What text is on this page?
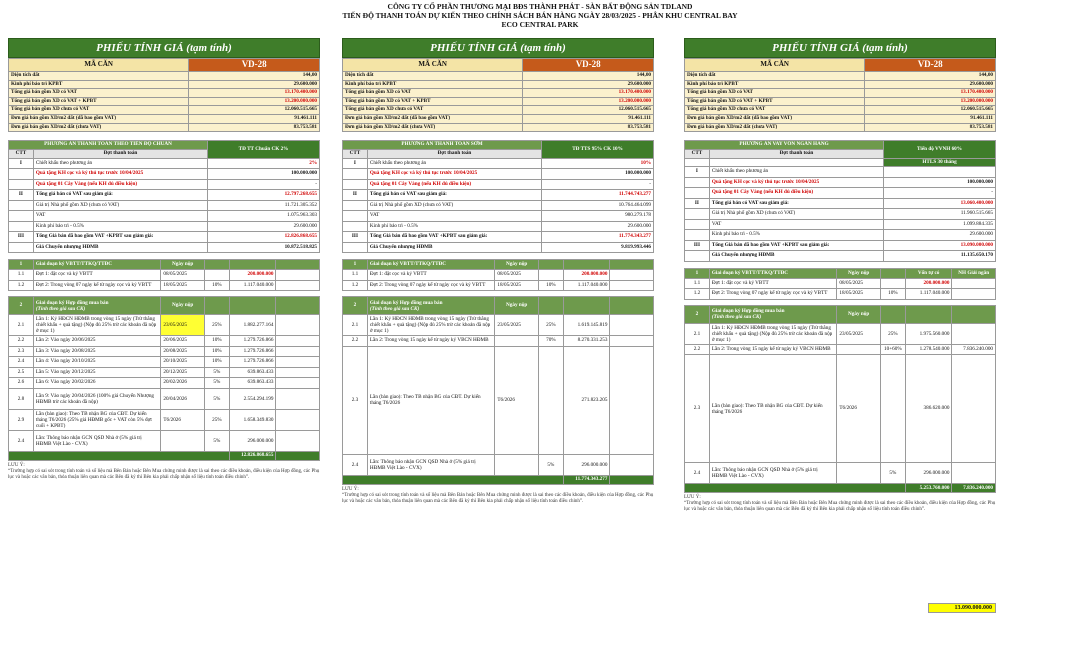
CÔNG TY CỔ PHẦN THƯƠNG MẠI BĐS THÀNH PHÁT - SÀN BẤT ĐỘNG SẢN TDLAND
TIẾN ĐỘ THANH TOÁN DỰ KIẾN THEO CHÍNH SÁCH BÁN HÀNG NGÀY 28/03/2025 - PHÂN KHU CENTRAL BAY
ECO CENTRAL PARK
PHIẾU TÍNH GIÁ (tạm tính)
MÃ CĂN	VD-28
Diện tích đất	144,00
Kinh phí bảo trì KPBT	29.600.000
Tổng giá bán gồm XD có VAT	13.170.400.000
Tổng giá bán gồm XD có VAT + KPBT	13.200.000.000
Tổng giá bán gồm XD chưa có VAT	12.060.515.665
Đơn giá bán gồm XD/m2 đất (đã bao gồm VAT)	91.461.111
Đơn giá bán gồm XD/m2 đất (chưa VAT)	83.753.581
PHƯƠNG ÁN THANH TOÁN THEO TIẾN ĐỘ CHUẨN		TĐ TT Chuẩn CK 2%
CTT	Đợt thanh toán	
I	Chiết khấu theo phương án	2%
	Quà tặng KH cọc và ký thủ tục trước 10/04/2025	100.000.000
	Quà tặng 01 Cây Vàng (nếu KH đủ điều kiện)	-
II	Tổng giá bán có VAT sau giảm giá:	12.797.268.655
	Giá trị Nhà phố gồm XD (chưa có VAT)	11.721.305.352
	VAT	1.075.963.303
	Kinh phí bảo trì - 0.5%	29.600.000
III	Tổng Giá bán đã bao gồm VAT +KPBT sau giảm giá:	12.826.868.655
	Giá Chuyển nhượng HĐMB	10.872.518.825
1	Giai đoạn ký VBTT/TTKQ/TTĐC	Ngày nộp			
1.1	Đợt 1: đặt cọc và ký VBTT	08/05/2025		200.000.000	
1.2	Đợt 2: Trong vòng 07 ngày kể từ ngày cọc và ký VBTT	18/05/2025	10%	1.117.040.000	

2	Giai đoạn ký Hợp đồng mua bán
(Tính theo giá sau CK)	Ngày nộp			
2.1	Lần 1: Ký HĐCN HĐMB trong vòng 15 ngày (Trừ thẳng chiết khấu + quà tặng) (Nộp đủ 25% trừ các khoản đã nộp ở mục 1)	23/05/2025	25%	1.882.277.164	
2.2	Lần 2: Vào ngày 20/06/2025	20/06/2025	10%	1.279.726.866	
2.3	Lần 3: Vào ngày 20/08/2025	20/08/2025	10%	1.279.726.866	
2.4	Lần 4: Vào ngày 20/10/2025	20/10/2025	10%	1.279.726.866	
2.5	Lần 5: Vào ngày 20/12/2025	20/12/2025	5%	639.863.433	
2.6	Lần 6: Vào ngày 20/02/2026	20/02/2026	5%	639.863.433	
2.8	Lần 9: Vào ngày 20/04/2026 (100% giá Chuyển Nhượng HĐMB trừ các khoản đã nộp)	20/04/2026	5%	2.554.294.199	
2.9	Lần (bàn giao): Theo TB nhận BG của CĐT. Dự kiến tháng T6/2026 (25% giá HĐMB gốc + VAT còn 5% đợt cuối + KPBT)	T6/2026	25%	1.658.349.830	
2.4	Lần: Thông báo nhận GCN QSD Nhà ở (5% giá trị HĐMB Việt Lào - CVX)		5%	296.000.000	
				12.826.868.655	
LƯU Ý:
“Trường hợp có sai sót trong tính toán và số liệu mà Bên Bán hoặc Bên Mua chứng minh được là sai theo các điều khoản, điều kiện của Hợp đồng, các Phụ lục và hoặc các văn bản, thỏa thuận liên quan mà các Bên đã ký thì Bên kia phải chấp nhận số liệu tính toán điều chỉnh”.
PHIẾU TÍNH GIÁ (tạm tính)
MÃ CĂN	VD-28
Diện tích đất	144,00
Kinh phí bảo trì KPBT	29.600.000
Tổng giá bán gồm XD có VAT	13.170.400.000
Tổng giá bán gồm XD có VAT + KPBT	13.200.000.000
Tổng giá bán gồm XD chưa có VAT	12.060.515.665
Đơn giá bán gồm XD/m2 đất (đã bao gồm VAT)	91.461.111
Đơn giá bán gồm XD/m2 đất (chưa VAT)	83.753.581
PHƯƠNG ÁN THANH TOÁN SỚM		TĐ TTS 95% CK 10%
CTT	Đợt thanh toán	
I	Chiết khấu theo phương án	10%
	Quà tặng KH cọc và ký thủ tục trước 10/04/2025	100.000.000
	Quà tặng 01 Cây Vàng (nếu KH đủ điều kiện)	-
II	Tổng giá bán có VAT sau giảm giá:	11.744.743.277
	Giá trị Nhà phố gồm XD (chưa có VAT)	10.764.464.099
	VAT	980.279.178
	Kinh phí bảo trì - 0.5%	29.600.000
III	Tổng Giá bán đã bao gồm VAT +KPBT sau giảm giá:	11.774.343.277
	Giá Chuyển nhượng HĐMB	9.819.993.446
1	Giai đoạn ký VBTT/TTKQ/TTĐC	Ngày nộp			
1.1	Đợt 1: đặt cọc và ký VBTT	08/05/2025		200.000.000	
1.2	Đợt 2: Trong vòng 07 ngày kể từ ngày cọc và ký VBTT	18/05/2025	10%	1.117.040.000	

2	Giai đoạn ký Hợp đồng mua bán
(Tính theo giá sau CK)	Ngày nộp			
2.1	Lần 1: Ký HĐCN HĐMB trong vòng 15 ngày (Trừ thẳng chiết khấu + quà tặng) (Nộp đủ 25% trừ các khoản đã nộp ở mục 1)	23/05/2025	25%	1.619.145.819	
2.2	Lần 2: Trong vòng 15 ngày kể từ ngày ký VBCN HĐMB		70%	8.270.331.253	
2.3	Lần (bàn giao): Theo TB nhận BG của CĐT. Dự kiến tháng T6/2026	T6/2026		271.823.205	
2.4	Lần: Thông báo nhận GCN QSD Nhà ở (5% giá trị HĐMB Việt Lào - CVX)		5%	296.000.000	
				11.774.343.277	
LƯU Ý:
“Trường hợp có sai sót trong tính toán và số liệu mà Bên Bán hoặc Bên Mua chứng minh được là sai theo các điều khoản, điều kiện của Hợp đồng, các Phụ lục và hoặc các văn bản, thỏa thuận liên quan mà các Bên đã ký thì Bên kia phải chấp nhận số liệu tính toán điều chỉnh”.
PHIẾU TÍNH GIÁ (tạm tính)
MÃ CĂN	VD-28
Diện tích đất	144,00
Kinh phí bảo trì KPBT	29.600.000
Tổng giá bán gồm XD có VAT	13.170.400.000
Tổng giá bán gồm XD có VAT + KPBT	13.200.000.000
Tổng giá bán gồm XD chưa có VAT	12.060.515.665
Đơn giá bán gồm XD/m2 đất (đã bao gồm VAT)	91.461.111
Đơn giá bán gồm XD/m2 đất (chưa VAT)	83.753.581
PHƯƠNG ÁN VAY VỐN NGÂN HÀNG		Tiến độ VVNH 60%
CTT	Đợt thanh toán	
		HTLS 30 tháng
I	Chiết khấu theo phương án	
	Quà tặng KH cọc và ký thủ tục trước 10/04/2025	100.000.000
	Quà tặng 01 Cây Vàng (nếu KH đủ điều kiện)	-
II	Tổng giá bán có VAT sau giảm giá:	13.060.400.000
	Giá trị Nhà phố gồm XD (chưa có VAT)	11.960.515.665
	VAT	1.099.884.335
	Kinh phí bảo trì - 0.5%	29.600.000
III	Tổng Giá bán đã bao gồm VAT +KPBT sau giảm giá:	13.090.000.000
	Giá Chuyển nhượng HĐMB	11.135.650.170
1	Giai đoạn ký VBTT/TTKQ/TTĐC	Ngày nộp		Vốn tự có	NH Giải ngân
1.1	Đợt 1: đặt cọc và ký VBTT	08/05/2025		200.000.000	
1.2	Đợt 2: Trong vòng 07 ngày kể từ ngày cọc và ký VBTT	18/05/2025	10%	1.117.040.000	

2	Giai đoạn ký Hợp đồng mua bán
(Tính theo giá sau CK)	Ngày nộp			
2.1	Lần 1: Ký HĐCN HĐMB trong vòng 15 ngày (Trừ thẳng chiết khấu + quà tặng) (Nộp đủ 25% trừ các khoản đã nộp ở mục 1)	23/05/2025	25%	1.975.560.000	
2.2	Lần 2: Trong vòng 15 ngày kể từ ngày ký VBCN HĐMB		10+60%	1.278.540.000	7.836.240.000
2.3	Lần (bàn giao): Theo TB nhận BG của CĐT. Dự kiến tháng T6/2026	T6/2026		386.620.000	
2.4	Lần: Thông báo nhận GCN QSD Nhà ở (5% giá trị HĐMB Việt Lào - CVX)		5%	296.000.000	
				5.253.760.000	7.836.240.000
LƯU Ý:
“Trường hợp có sai sót trong tính toán và số liệu mà Bên Bán hoặc Bên Mua chứng minh được là sai theo các điều khoản, điều kiện của Hợp đồng, các Phụ lục và hoặc các văn bản, thỏa thuận liên quan mà các Bên đã ký thì Bên kia phải chấp nhận số liệu tính toán điều chỉnh”.
13.090.000.000
